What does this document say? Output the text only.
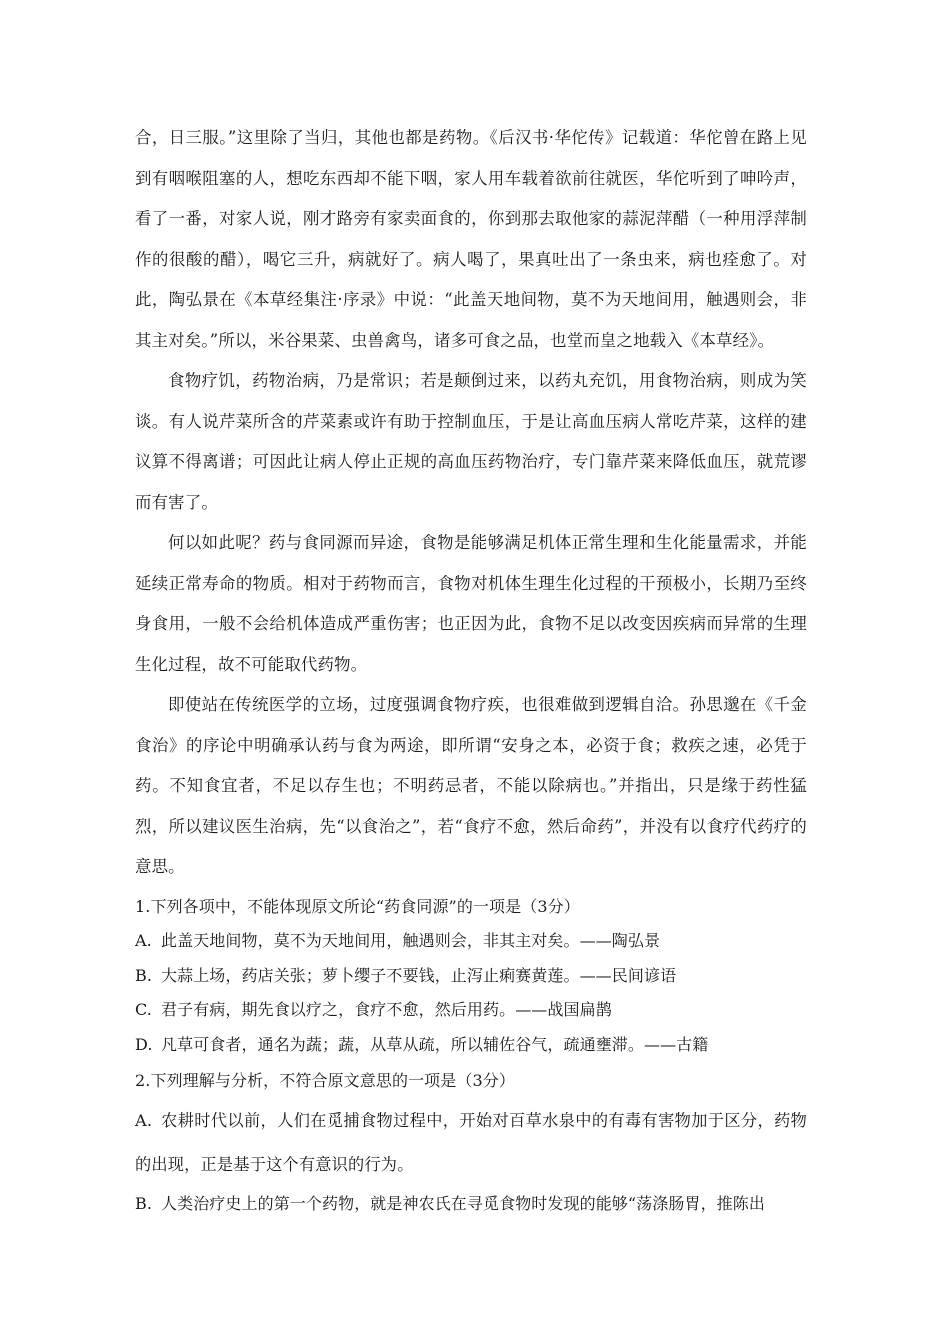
合，日三服。”这里除了当归，其他也都是药物。《后汉书·华佗传》记载道：华佗曾在路上见到有咽喉阻塞的人，想吃东西却不能下咽，家人用车载着欲前往就医，华佗听到了呻吟声，看了一番，对家人说，刚才路旁有家卖面食的，你到那去取他家的蒜泥萍醋（一种用浮萍制作的很酸的醋），喝它三升，病就好了。病人喝了，果真吐出了一条虫来，病也痊愈了。对此，陶弘景在《本草经集注·序录》中说：“此盖天地间物，莫不为天地间用，触遇则会，非其主对矣。”所以，米谷果菜、虫兽禽鸟，诸多可食之品，也堂而皇之地载入《本草经》。

食物疗饥，药物治病，乃是常识；若是颠倒过来，以药丸充饥，用食物治病，则成为笑谈。有人说芹菜所含的芹菜素或许有助于控制血压，于是让高血压病人常吃芹菜，这样的建议算不得离谱；可因此让病人停止正规的高血压药物治疗，专门靠芹菜来降低血压，就荒谬而有害了。

何以如此呢？药与食同源而异途，食物是能够满足机体正常生理和生化能量需求，并能延续正常寿命的物质。相对于药物而言，食物对机体生理生化过程的干预极小，长期乃至终身食用，一般不会给机体造成严重伤害；也正因为此，食物不足以改变因疾病而异常的生理生化过程，故不可能取代药物。

即使站在传统医学的立场，过度强调食物疗疾，也很难做到逻辑自洽。孙思邈在《千金食治》的序论中明确承认药与食为两途，即所谓“安身之本，必资于食；救疾之速，必凭于药。不知食宜者，不足以存生也；不明药忌者，不能以除病也。”并指出，只是缘于药性猛烈，所以建议医生治病，先“以食治之”，若“食疗不愈，然后命药”，并没有以食疗代药疗的意思。

1.下列各项中，不能体现原文所论“药食同源”的一项是（3分）

A. 此盖天地间物，莫不为天地间用，触遇则会，非其主对矣。——陶弘景

B. 大蒜上场，药店关张；萝卜缨子不要钱，止泻止痢赛黄莲。——民间谚语

C. 君子有病，期先食以疗之，食疗不愈，然后用药。——战国扁鹊

D. 凡草可食者，通名为蔬；蔬，从草从疏，所以辅佐谷气，疏通壅滞。——古籍

2.下列理解与分析，不符合原文意思的一项是（3分）

A. 农耕时代以前，人们在觅捕食物过程中，开始对百草水泉中的有毒有害物加于区分，药物的出现，正是基于这个有意识的行为。

B. 人类治疗史上的第一个药物，就是神农氏在寻觅食物时发现的能够“荡涤肠胃，推陈出
